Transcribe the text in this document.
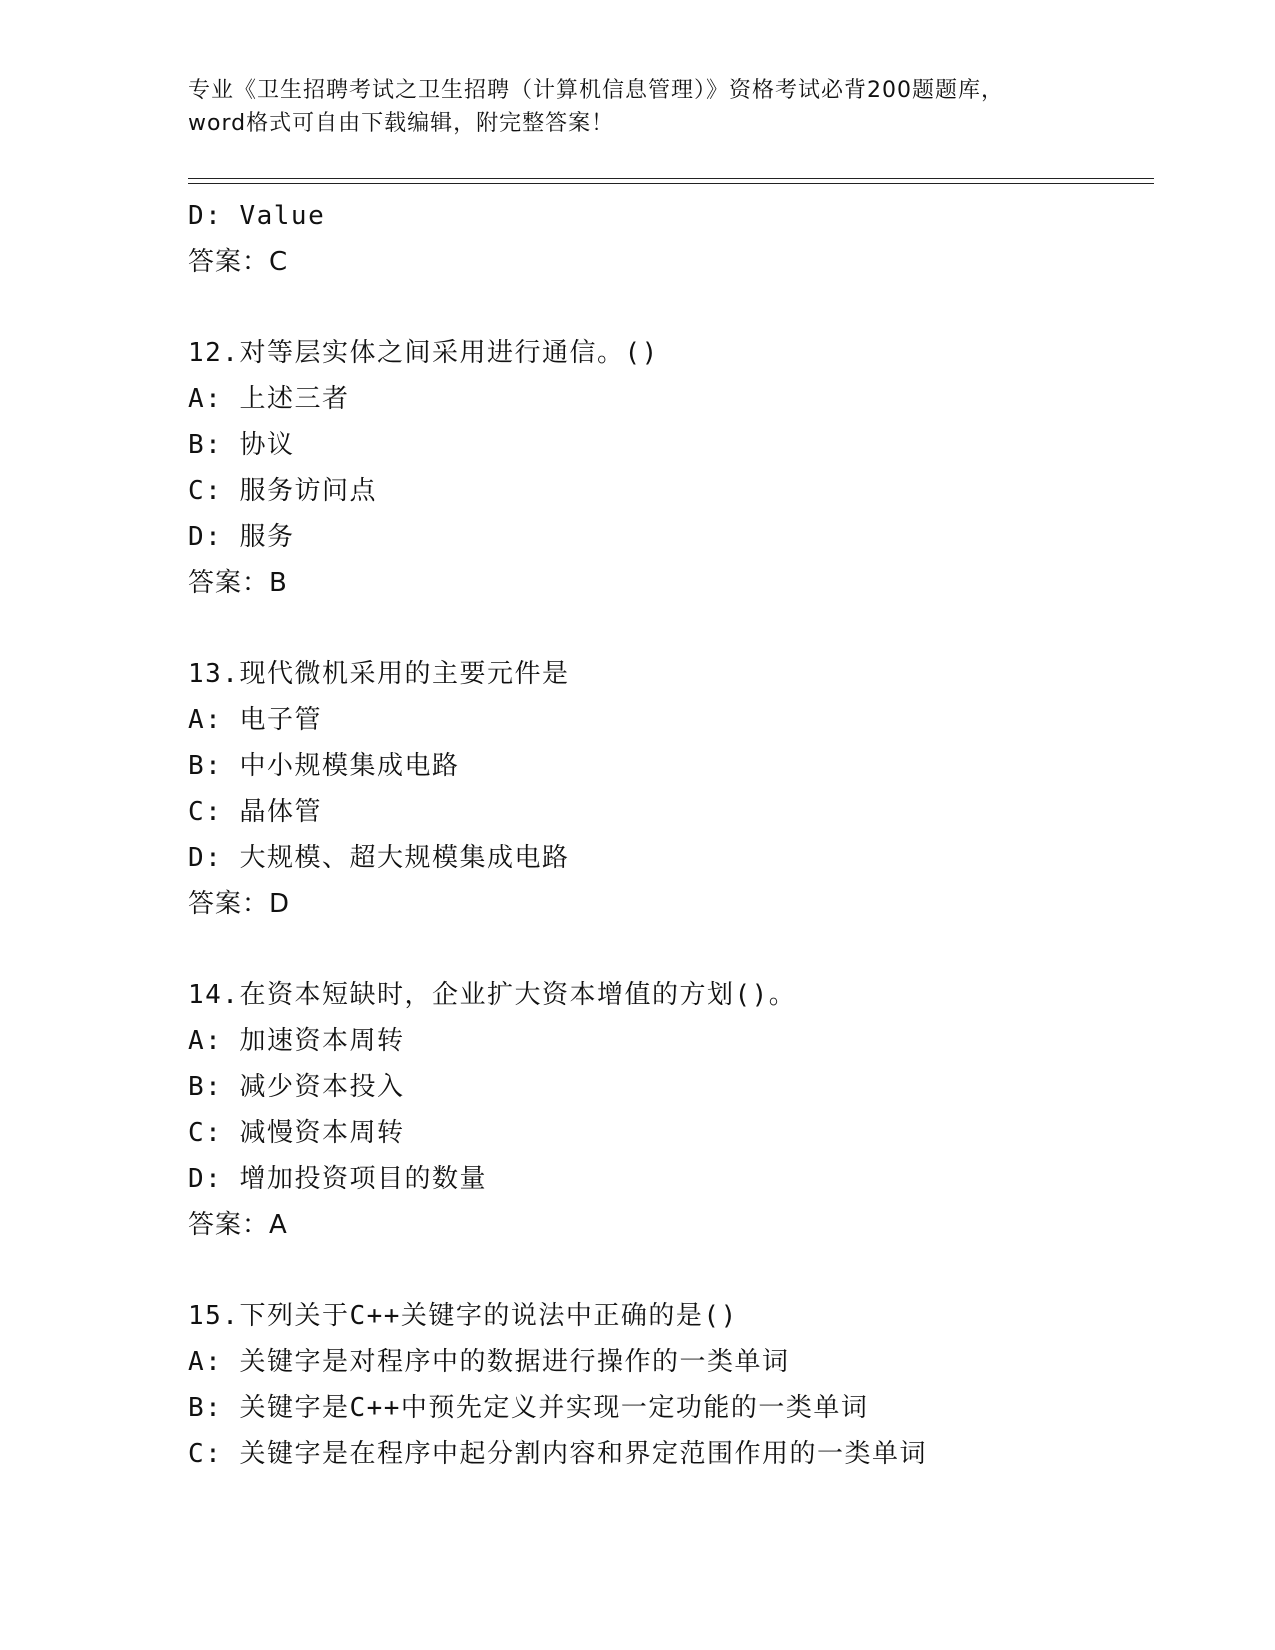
专业《卫生招聘考试之卫生招聘（计算机信息管理）》资格考试必背200题题库，
word格式可自由下载编辑，附完整答案！
D: Value
答案：C
12.对等层实体之间采用进行通信。()
A: 上述三者
B: 协议
C: 服务访问点
D: 服务
答案：B
13.现代微机采用的主要元件是
A: 电子管
B: 中小规模集成电路
C: 晶体管
D: 大规模、超大规模集成电路
答案：D
14.在资本短缺时，企业扩大资本增值的方划()。
A: 加速资本周转
B: 减少资本投入
C: 减慢资本周转
D: 增加投资项目的数量
答案：A
15.下列关于C++关键字的说法中正确的是()
A: 关键字是对程序中的数据进行操作的一类单词
B: 关键字是C++中预先定义并实现一定功能的一类单词
C: 关键字是在程序中起分割内容和界定范围作用的一类单词
